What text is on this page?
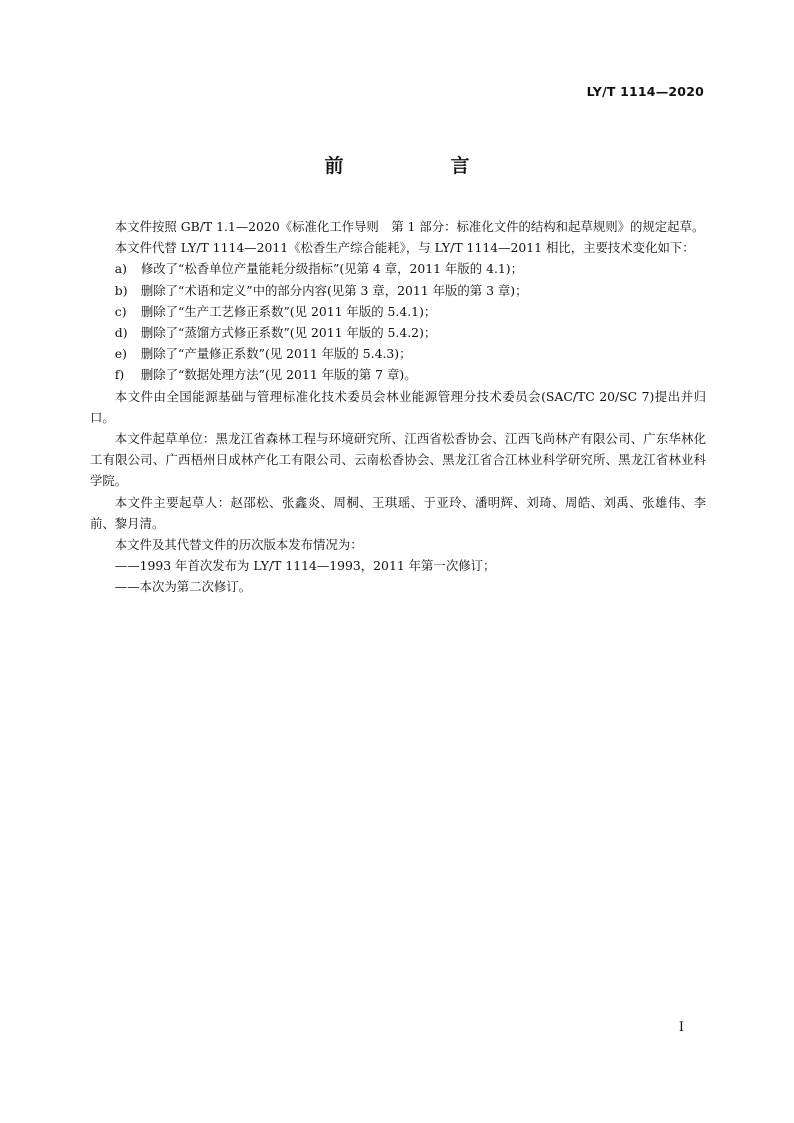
LY/T 1114—2020
前　言

本文件按照 GB/T 1.1—2020《标准化工作导则　第 1 部分：标准化文件的结构和起草规则》的规定起草。

本文件代替 LY/T 1114—2011《松香生产综合能耗》，与 LY/T 1114—2011 相比，主要技术变化如下：

a) 修改了“松香单位产量能耗分级指标”(见第 4 章，2011 年版的 4.1)；

b) 删除了“术语和定义”中的部分内容(见第 3 章，2011 年版的第 3 章)；

c) 删除了“生产工艺修正系数”(见 2011 年版的 5.4.1)；

d) 删除了“蒸馏方式修正系数”(见 2011 年版的 5.4.2)；

e) 删除了“产量修正系数”(见 2011 年版的 5.4.3)；

f) 删除了“数据处理方法”(见 2011 年版的第 7 章)。

本文件由全国能源基础与管理标准化技术委员会林业能源管理分技术委员会(SAC/TC 20/SC 7)提出并归口。

本文件起草单位：黑龙江省森林工程与环境研究所、江西省松香协会、江西飞尚林产有限公司、广东华林化工有限公司、广西梧州日成林产化工有限公司、云南松香协会、黑龙江省合江林业科学研究所、黑龙江省林业科学院。

本文件主要起草人：赵邵松、张鑫炎、周桐、王琪瑶、于亚玲、潘明辉、刘琦、周皓、刘禹、张雄伟、李前、黎月清。

本文件及其代替文件的历次版本发布情况为：

——1993 年首次发布为 LY/T 1114—1993，2011 年第一次修订；

——本次为第二次修订。

I
